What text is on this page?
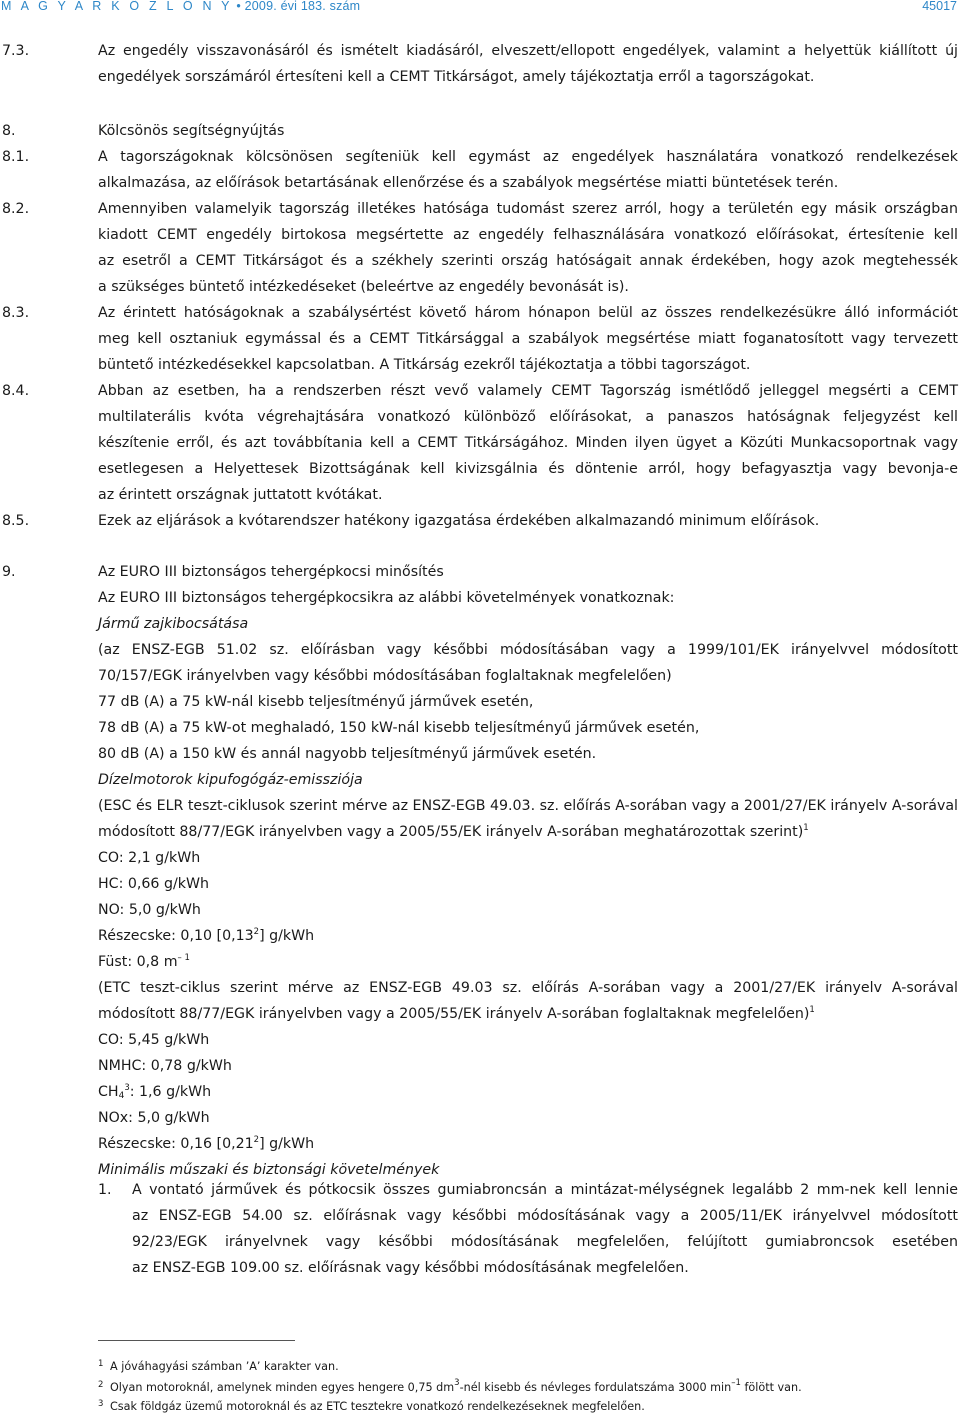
M A G Y A R K Ö Z L Ö N Y • 2009. évi 183. szám	45017
7.3.	Az engedély visszavonásáról és ismételt kiadásáról, elveszett/ellopott engedélyek, valamint a helyettük kiállított új
engedélyek sorszámáról értesíteni kell a CEMT Titkárságot, amely tájékoztatja erről a tagországokat.
8.	Kölcsönös segítségnyújtás
8.1.	A tagországoknak kölcsönösen segíteniük kell egymást az engedélyek használatára vonatkozó rendelkezések
alkalmazása, az előírások betartásának ellenőrzése és a szabályok megsértése miatti büntetések terén.
8.2.	Amennyiben valamelyik tagország illetékes hatósága tudomást szerez arról, hogy a területén egy másik országban
kiadott CEMT engedély birtokosa megsértette az engedély felhasználására vonatkozó előírásokat, értesítenie kell
az esetről a CEMT Titkárságot és a székhely szerinti ország hatóságait annak érdekében, hogy azok megtehessék
a szükséges büntető intézkedéseket (beleértve az engedély bevonását is).
8.3.	Az érintett hatóságoknak a szabálysértést követő három hónapon belül az összes rendelkezésükre álló információt
meg kell osztaniuk egymással és a CEMT Titkársággal a szabályok megsértése miatt foganatosított vagy tervezett
büntető intézkedésekkel kapcsolatban. A Titkárság ezekről tájékoztatja a többi tagországot.
8.4.	Abban az esetben, ha a rendszerben részt vevő valamely CEMT Tagország ismétlődő jelleggel megsérti a CEMT
multilaterális kvóta végrehajtására vonatkozó különböző előírásokat, a panaszos hatóságnak feljegyzést kell
készítenie erről, és azt továbbítania kell a CEMT Titkárságához. Minden ilyen ügyet a Közúti Munkacsoportnak vagy
esetlegesen a Helyettesek Bizottságának kell kivizsgálnia és döntenie arról, hogy befagyasztja vagy bevonja-e
az érintett országnak juttatott kvótákat.
8.5.	Ezek az eljárások a kvótarendszer hatékony igazgatása érdekében alkalmazandó minimum előírások.
9.	Az EURO III biztonságos tehergépkocsi minősítés
Az EURO III biztonságos tehergépkocsikra az alábbi követelmények vonatkoznak:
Jármű zajkibocsátása
(az ENSZ-EGB 51.02 sz. előírásban vagy későbbi módosításában vagy a 1999/101/EK irányelvvel módosított
70/157/EGK irányelvben vagy későbbi módosításában foglaltaknak megfelelően)
77 dB (A) a 75 kW-nál kisebb teljesítményű járművek esetén,
78 dB (A) a 75 kW-ot meghaladó, 150 kW-nál kisebb teljesítményű járművek esetén,
80 dB (A) a 150 kW és annál nagyobb teljesítményű járművek esetén.
Dízelmotorok kipufogógáz-emissziója
(ESC és ELR teszt-ciklusok szerint mérve az ENSZ-EGB 49.03. sz. előírás A-sorában vagy a 2001/27/EK irányelv A-sorával
módosított 88/77/EGK irányelvben vagy a 2005/55/EK irányelv A-sorában meghatározottak szerint)$^1$
CO: 2,1 g/kWh
HC: 0,66 g/kWh
NO: 5,0 g/kWh
Részecske: 0,10 [0,13$^2$] g/kWh
Füst: 0,8 $m^{- 1}$
(ETC teszt-ciklus szerint mérve az ENSZ-EGB 49.03 sz. előírás A-sorában vagy a 2001/27/EK irányelv A-sorával
módosított 88/77/EGK irányelvben vagy a 2005/55/EK irányelv A-sorában foglaltaknak megfelelően)$^1$
CO: 5,45 g/kWh
NMHC: 0,78 g/kWh
$CH_4^3$: 1,6 g/kWh
NOx: 5,0 g/kWh
Részecske: 0,16 [0,21$^2$] g/kWh
Minimális műszaki és biztonsági követelmények
1. A vontató járművek és pótkocsik összes gumiabroncsán a mintázat-mélységnek legalább 2 mm-nek kell lennie
az ENSZ-EGB 54.00 sz. előírásnak vagy későbbi módosításának vagy a 2005/11/EK irányelvvel módosított
92/23/EGK irányelvnek vagy későbbi módosításának megfelelően, felújított gumiabroncsok esetében
az ENSZ-EGB 109.00 sz. előírásnak vagy későbbi módosításának megfelelően.
1 A jóváhagyási számban ’A’ karakter van.
2 Olyan motoroknál, amelynek minden egyes hengere 0,75 $dm^3$-nél kisebb és névleges fordulatszáma 3000 $\min^{-1}$ fölött van.
3 Csak földgáz üzemű motoroknál és az ETC tesztekre vonatkozó rendelkezéseknek megfelelően.
